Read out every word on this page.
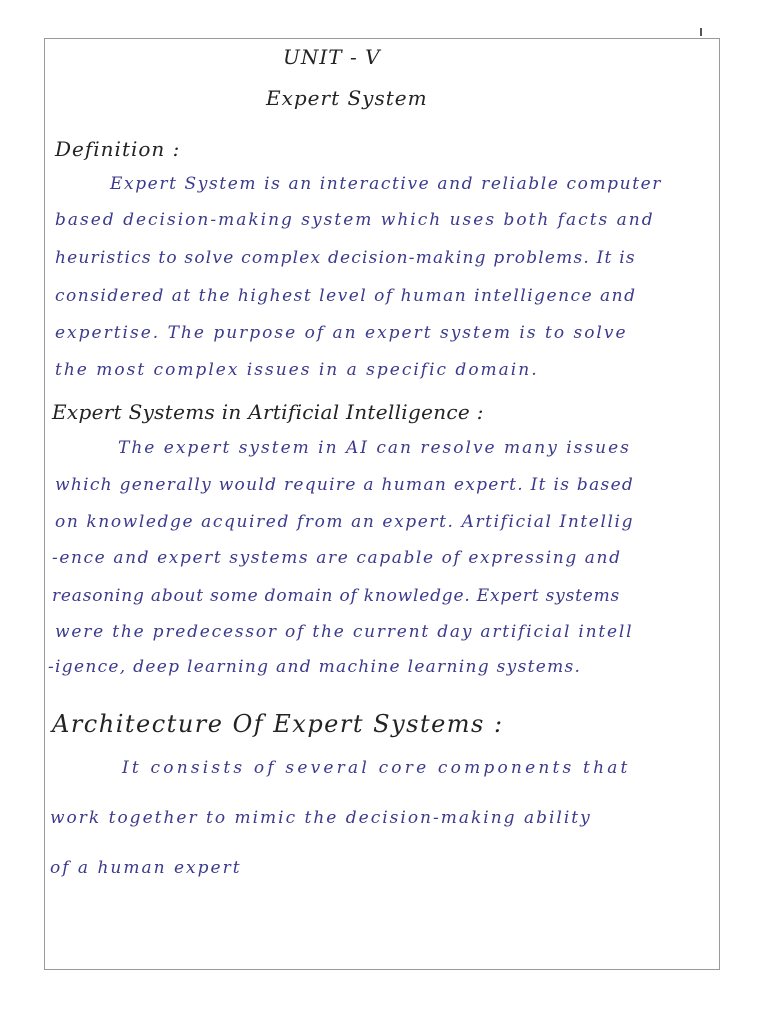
UNIT - V
Expert System
Definition :
Expert System is an interactive and reliable computer
based decision-making system which uses both facts and
heuristics to solve complex decision-making problems. It is
considered at the highest level of human intelligence and
expertise. The purpose of an expert system is to solve
the most complex issues in a specific domain.
Expert Systems in Artificial Intelligence :
The expert system in AI can resolve many issues
which generally would require a human expert. It is based
on knowledge acquired from an expert. Artificial Intellig
-ence and expert systems are capable of expressing and
reasoning about some domain of knowledge. Expert systems
were the predecessor of the current day artificial intell
-igence, deep learning and machine learning systems.
Architecture Of Expert Systems :
It consists of several core components that
work together to mimic the decision-making ability
of a human expert
